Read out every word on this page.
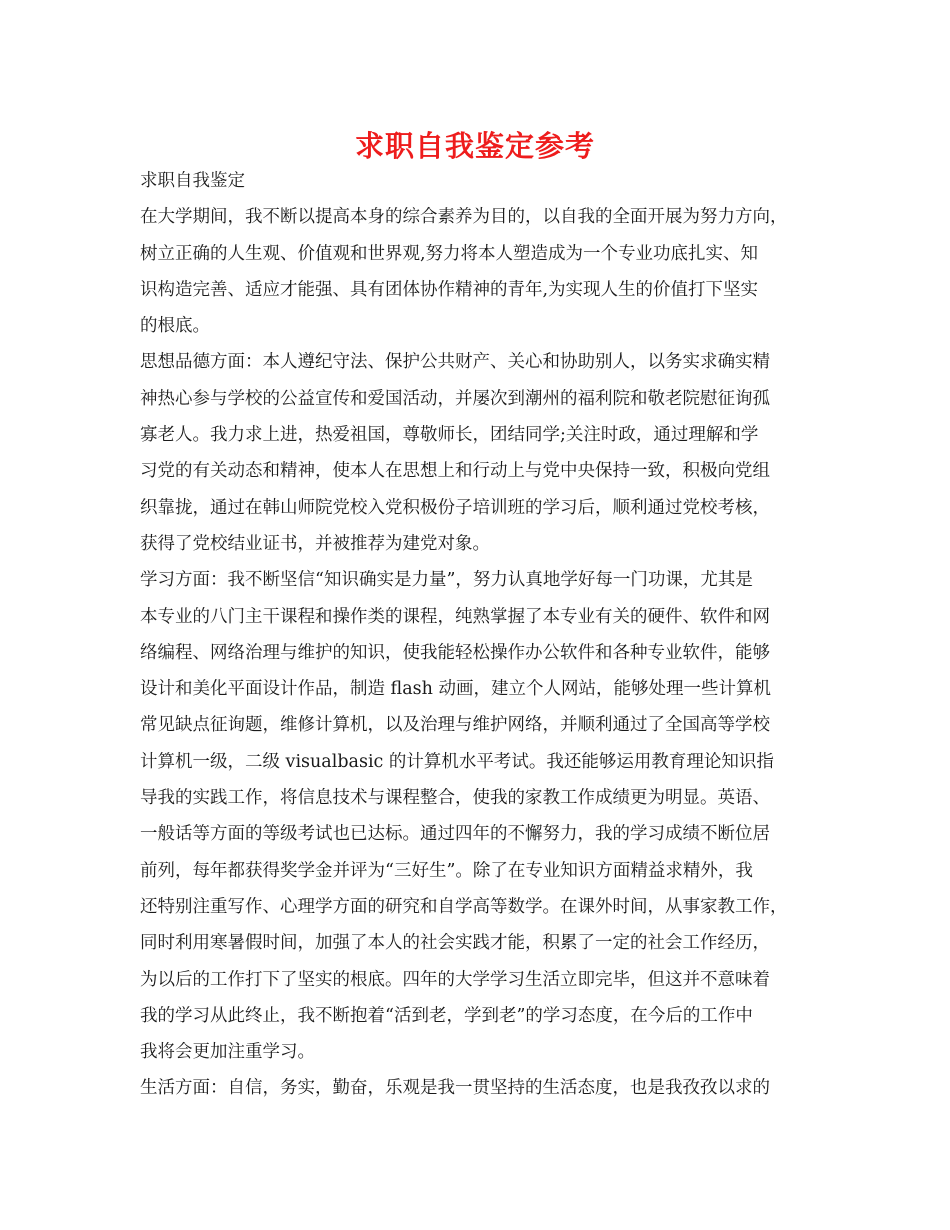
求职自我鉴定参考
求职自我鉴定
在大学期间，我不断以提高本身的综合素养为目的，以自我的全面开展为努力方向，
树立正确的人生观、价值观和世界观,努力将本人塑造成为一个专业功底扎实、知
识构造完善、适应才能强、具有团体协作精神的青年,为实现人生的价值打下坚实
的根底。
思想品德方面：本人遵纪守法、保护公共财产、关心和协助别人，以务实求确实精
神热心参与学校的公益宣传和爱国活动，并屡次到潮州的福利院和敬老院慰征询孤
寡老人。我力求上进，热爱祖国，尊敬师长，团结同学;关注时政，通过理解和学
习党的有关动态和精神，使本人在思想上和行动上与党中央保持一致，积极向党组
织靠拢，通过在韩山师院党校入党积极份子培训班的学习后，顺利通过党校考核，
获得了党校结业证书，并被推荐为建党对象。
学习方面：我不断坚信“知识确实是力量”，努力认真地学好每一门功课，尤其是
本专业的八门主干课程和操作类的课程，纯熟掌握了本专业有关的硬件、软件和网
络编程、网络治理与维护的知识，使我能轻松操作办公软件和各种专业软件，能够
设计和美化平面设计作品，制造 flash 动画，建立个人网站，能够处理一些计算机
常见缺点征询题，维修计算机，以及治理与维护网络，并顺利通过了全国高等学校
计算机一级，二级 visualbasic 的计算机水平考试。我还能够运用教育理论知识指
导我的实践工作，将信息技术与课程整合，使我的家教工作成绩更为明显。英语、
一般话等方面的等级考试也已达标。通过四年的不懈努力，我的学习成绩不断位居
前列，每年都获得奖学金并评为“三好生”。除了在专业知识方面精益求精外，我
还特别注重写作、心理学方面的研究和自学高等数学。在课外时间，从事家教工作，
同时利用寒暑假时间，加强了本人的社会实践才能，积累了一定的社会工作经历，
为以后的工作打下了坚实的根底。四年的大学学习生活立即完毕，但这并不意味着
我的学习从此终止，我不断抱着“活到老，学到老”的学习态度，在今后的工作中
我将会更加注重学习。
生活方面：自信，务实，勤奋，乐观是我一贯坚持的生活态度，也是我孜孜以求的
